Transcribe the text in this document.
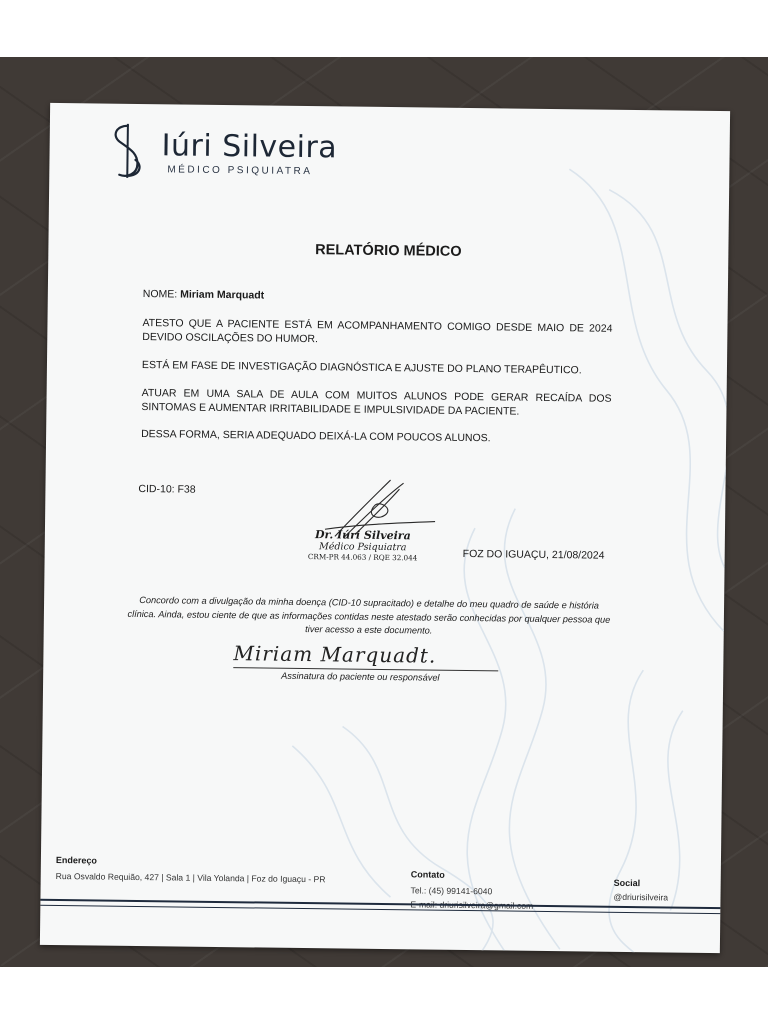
Iúri Silveira
MÉDICO PSIQUIATRA
RELATÓRIO MÉDICO
NOME: Miriam Marquadt
ATESTO QUE A PACIENTE ESTÁ EM ACOMPANHAMENTO COMIGO DESDE MAIO DE 2024 DEVIDO OSCILAÇÕES DO HUMOR.
ESTÁ EM FASE DE INVESTIGAÇÃO DIAGNÓSTICA E AJUSTE DO PLANO TERAPÊUTICO.
ATUAR EM UMA SALA DE AULA COM MUITOS ALUNOS PODE GERAR RECAÍDA DOS SINTOMAS E AUMENTAR IRRITABILIDADE E IMPULSIVIDADE DA PACIENTE.
DESSA FORMA, SERIA ADEQUADO DEIXÁ-LA COM POUCOS ALUNOS.
CID-10: F38
Dr. Iúri Silveira
Médico Psiquiatra
CRM-PR 44.063 / RQE 32.044	FOZ DO IGUAÇU, 21/08/2024
Concordo com a divulgação da minha doença (CID-10 supracitado) e detalhe do meu quadro de saúde e história clínica. Ainda, estou ciente de que as informações contidas neste atestado serão conhecidas por qualquer pessoa que tiver acesso a este documento.
Miriam Marquadt.
Assinatura do paciente ou responsável
Endereço
Rua Osvaldo Requião, 427 | Sala 1 | Vila Yolanda | Foz do Iguaçu - PR	Contato
Tel.: (45) 99141-6040
Social
@driurisilveira
